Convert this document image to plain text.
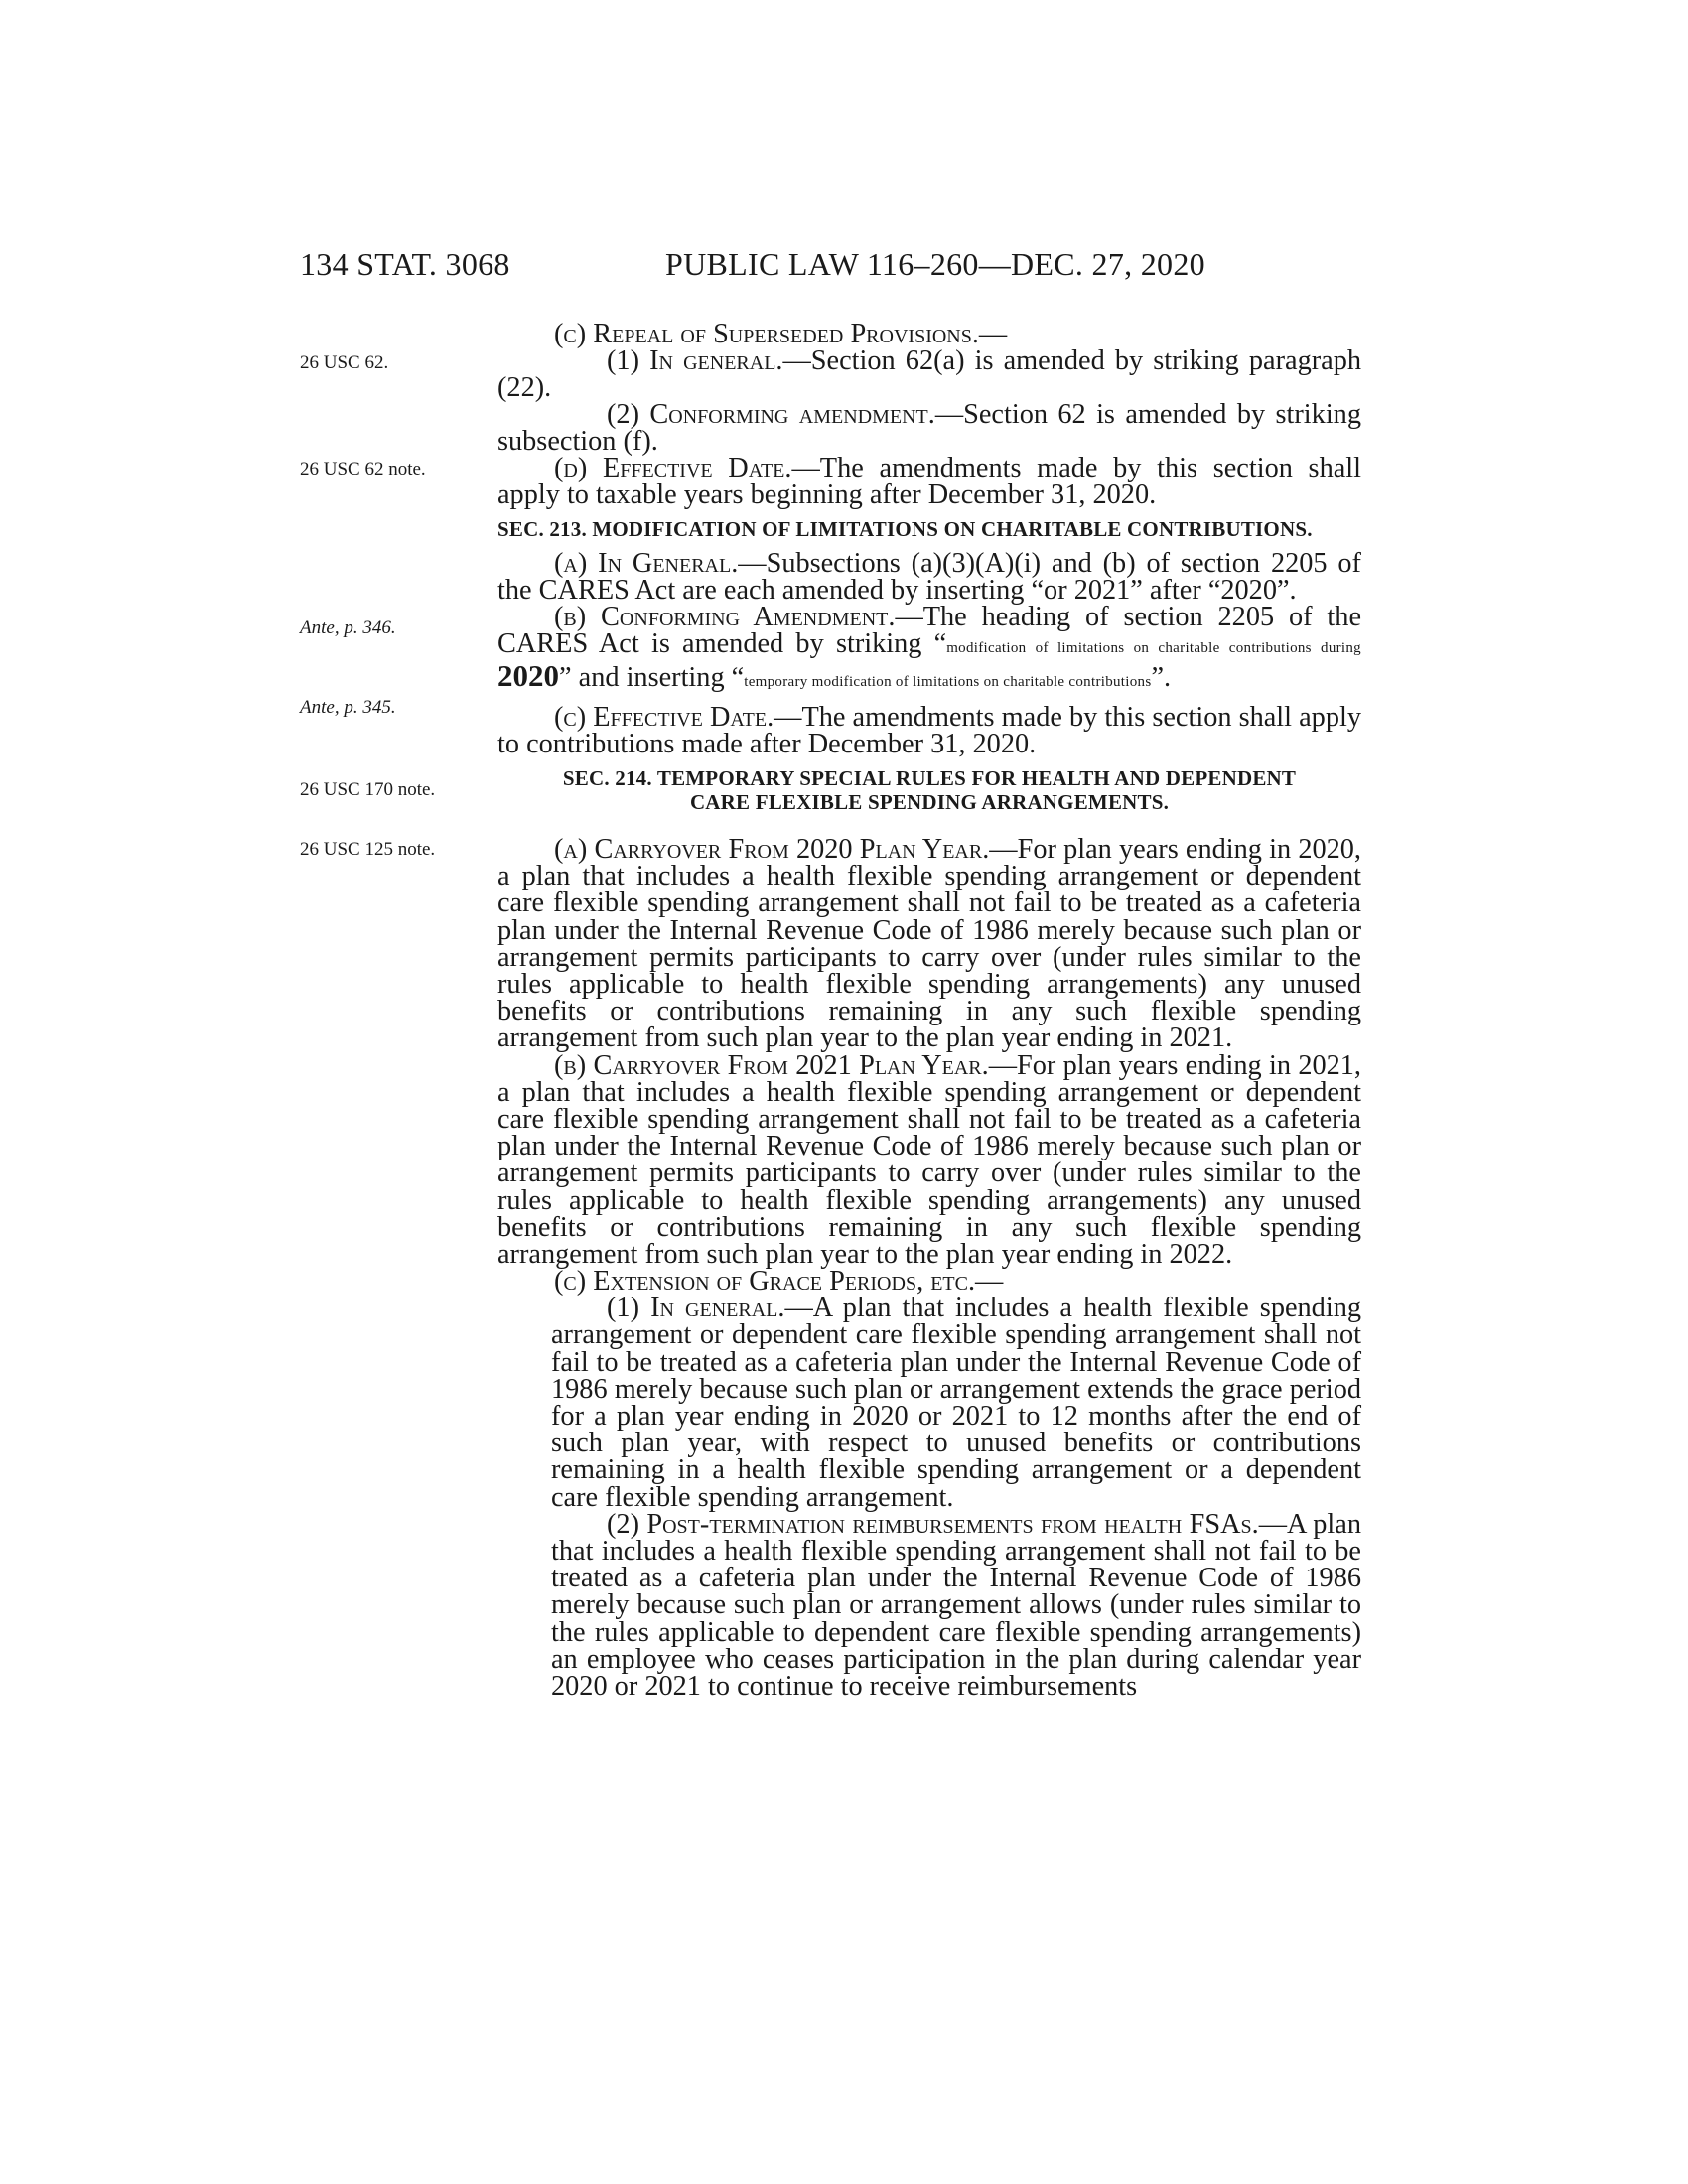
134 STAT. 3068	PUBLIC LAW 116–260—DEC. 27, 2020
26 USC 62.
26 USC 62 note.
Ante, p. 346.
Ante, p. 345.
26 USC 170 note.
26 USC 125 note.

(c) Repeal of Superseded Provisions.—

(1) In general.—Section 62(a) is amended by striking paragraph (22).

(2) Conforming amendment.—Section 62 is amended by striking subsection (f).

(d) Effective Date.—The amendments made by this section shall apply to taxable years beginning after December 31, 2020.

SEC. 213. MODIFICATION OF LIMITATIONS ON CHARITABLE CONTRIBUTIONS.

(a) In General.—Subsections (a)(3)(A)(i) and (b) of section 2205 of the CARES Act are each amended by inserting “or 2021” after “2020”.

(b) Conforming Amendment.—The heading of section 2205 of the CARES Act is amended by striking “modification of limitations on charitable contributions during 2020” and inserting “temporary modification of limitations on charitable contributions”.

(c) Effective Date.—The amendments made by this section shall apply to contributions made after December 31, 2020.

SEC. 214. TEMPORARY SPECIAL RULES FOR HEALTH AND DEPENDENT

CARE FLEXIBLE SPENDING ARRANGEMENTS.

(a) Carryover From 2020 Plan Year.—For plan years ending in 2020, a plan that includes a health flexible spending arrangement or dependent care flexible spending arrangement shall not fail to be treated as a cafeteria plan under the Internal Revenue Code of 1986 merely because such plan or arrangement permits participants to carry over (under rules similar to the rules applicable to health flexible spending arrangements) any unused benefits or contributions remaining in any such flexible spending arrangement from such plan year to the plan year ending in 2021.

(b) Carryover From 2021 Plan Year.—For plan years ending in 2021, a plan that includes a health flexible spending arrangement or dependent care flexible spending arrangement shall not fail to be treated as a cafeteria plan under the Internal Revenue Code of 1986 merely because such plan or arrangement permits participants to carry over (under rules similar to the rules applicable to health flexible spending arrangements) any unused benefits or contributions remaining in any such flexible spending arrangement from such plan year to the plan year ending in 2022.

(c) Extension of Grace Periods, etc.—

(1) In general.—A plan that includes a health flexible spending arrangement or dependent care flexible spending arrangement shall not fail to be treated as a cafeteria plan under the Internal Revenue Code of 1986 merely because such plan or arrangement extends the grace period for a plan year ending in 2020 or 2021 to 12 months after the end of such plan year, with respect to unused benefits or contributions remaining in a health flexible spending arrangement or a dependent care flexible spending arrangement.

(2) Post-termination reimbursements from health FSAs.—A plan that includes a health flexible spending arrangement shall not fail to be treated as a cafeteria plan under the Internal Revenue Code of 1986 merely because such plan or arrangement allows (under rules similar to the rules applicable to dependent care flexible spending arrangements) an employee who ceases participation in the plan during calendar year 2020 or 2021 to continue to receive reimbursements
